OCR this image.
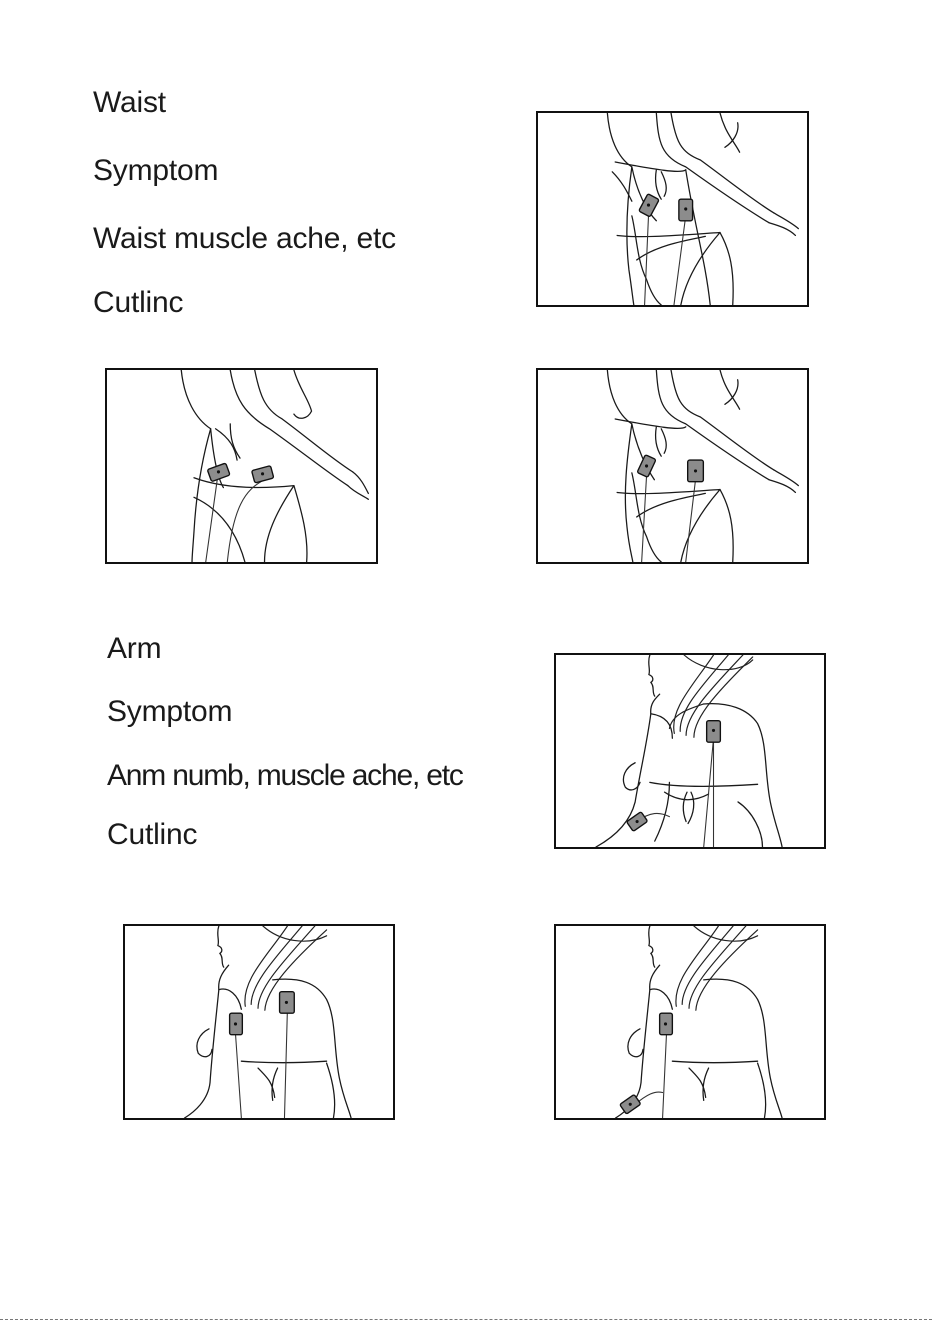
Waist
Symptom
Waist muscle ache, etc
Cutlinc
Arm
Symptom
Anm numb, muscle ache, etc
Cutlinc
